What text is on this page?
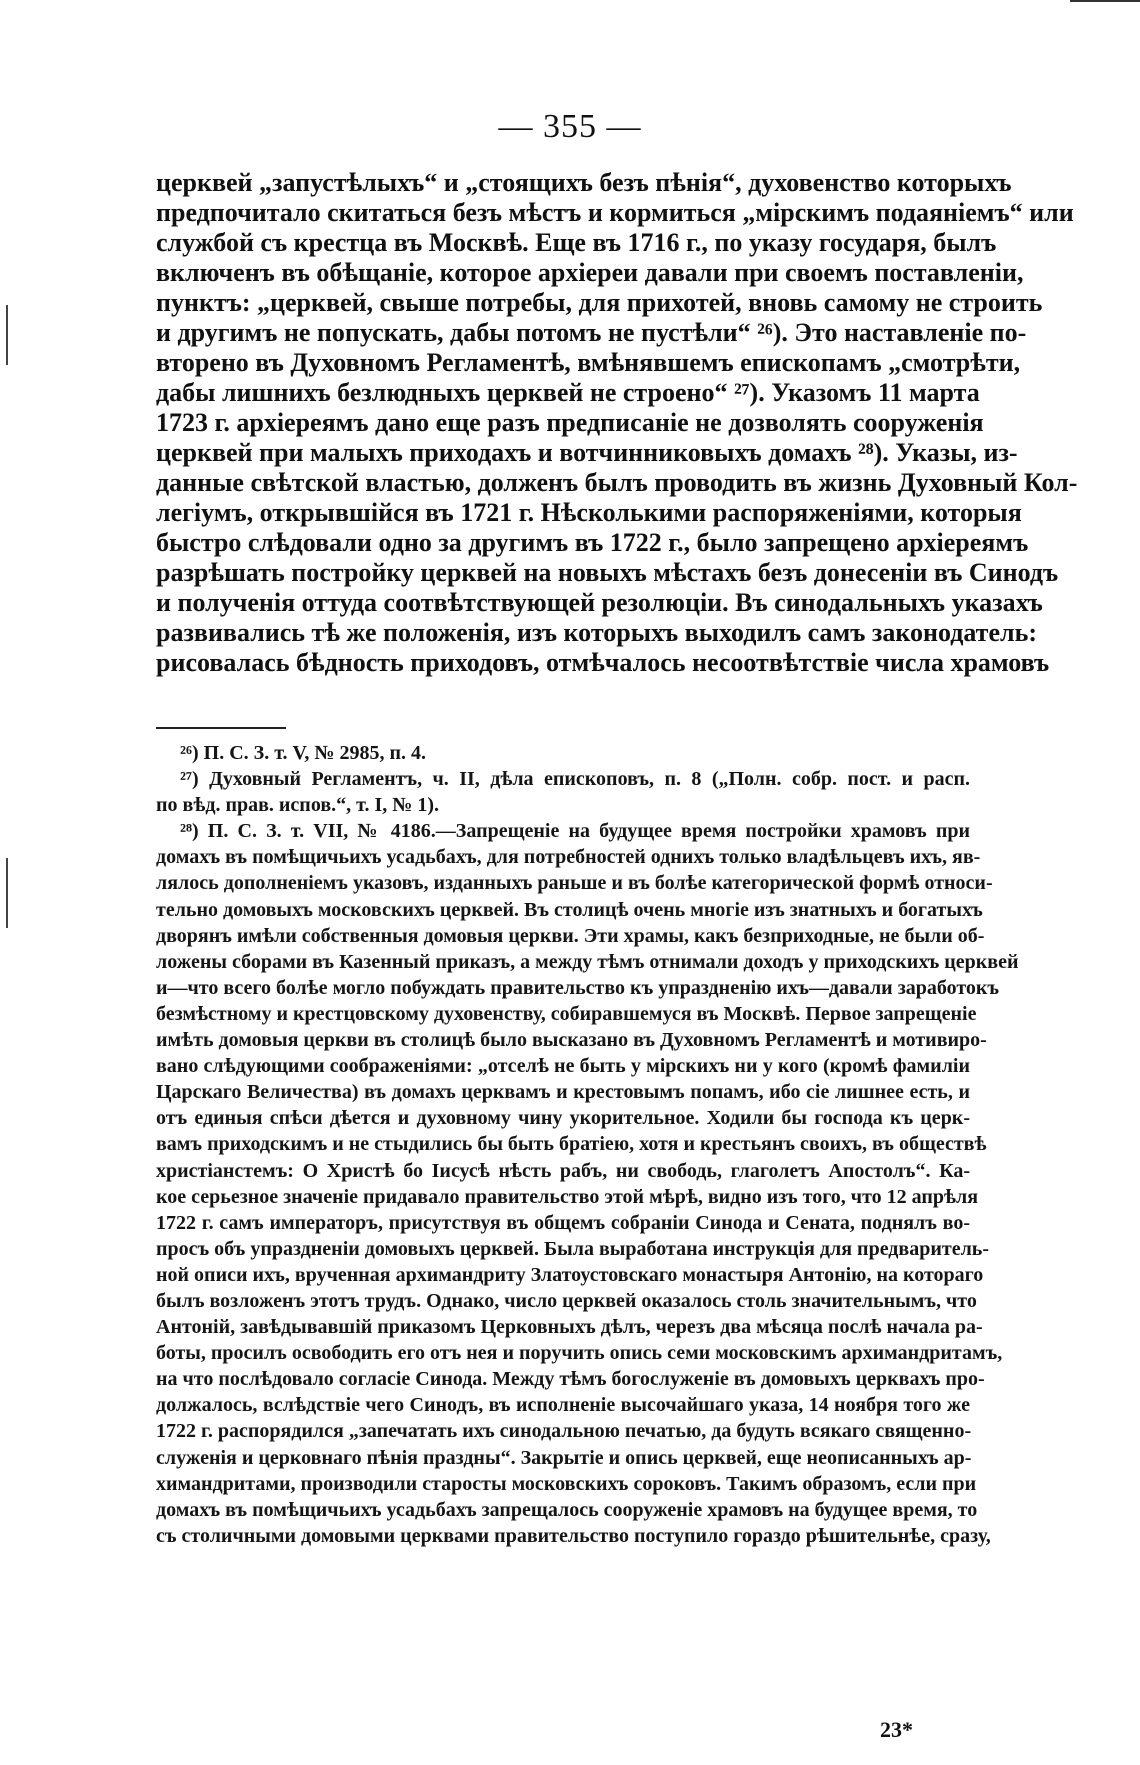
— 355 —
церквей „запустѣлыхъ“ и „стоящихъ безъ пѣнія“, духовенство которыхъ
предпочитало скитаться безъ мѣстъ и кормиться „мірскимъ подаяніемъ“ или
службой съ крестца въ Москвѣ. Еще въ 1716 г., по указу государя, былъ
включенъ въ обѣщаніе, которое архіереи давали при своемъ поставленіи,
пунктъ: „церквей, свыше потребы, для прихотей, вновь самому не строить
и другимъ не попускать, дабы потомъ не пустѣли“ ²⁶). Это наставленіе по-
вторено въ Духовномъ Регламентѣ, вмѣнявшемъ епископамъ „смотрѣти,
дабы лишнихъ безлюдныхъ церквей не строено“ ²⁷). Указомъ 11 марта
1723 г. архіереямъ дано еще разъ предписаніе не дозволять сооруженія
церквей при малыхъ приходахъ и вотчинниковыхъ домахъ ²⁸). Указы, из-
данные свѣтской властью, долженъ былъ проводить въ жизнь Духовный Кол-
легіумъ, открывшійся въ 1721 г. Нѣсколькими распоряженіями, которыя
быстро слѣдовали одно за другимъ въ 1722 г., было запрещено архіереямъ
разрѣшать постройку церквей на новыхъ мѣстахъ безъ донесеніи въ Синодъ
и полученія оттуда соотвѣтствующей резолюціи. Въ синодальныхъ указахъ
развивались тѣ же положенія, изъ которыхъ выходилъ самъ законодатель:
рисовалась бѣдность приходовъ, отмѣчалось несоотвѣтствіе числа храмовъ
²⁶) П. С. З. т. V, № 2985, п. 4.
²⁷) Духовный Регламентъ, ч. II, дѣла епископовъ, п. 8 („Полн. собр. пост. и расп.
по вѣд. прав. испов.“, т. I, № 1).
²⁸) П. С. З. т. VII, № 4186.—Запрещеніе на будущее время постройки храмовъ при
домахъ въ помѣщичьихъ усадьбахъ, для потребностей однихъ только владѣльцевъ ихъ, яв-
лялось дополненіемъ указовъ, изданныхъ раньше и въ болѣе категорической формѣ относи-
тельно домовыхъ московскихъ церквей. Въ столицѣ очень многіе изъ знатныхъ и богатыхъ
дворянъ имѣли собственныя домовыя церкви. Эти храмы, какъ безприходные, не были об-
ложены сборами въ Казенный приказъ, а между тѣмъ отнимали доходъ у приходскихъ церквей
и—что всего болѣе могло побуждать правительство къ упраздненію ихъ—давали заработокъ
безмѣстному и крестцовскому духовенству, собиравшемуся въ Москвѣ. Первое запрещеніе
имѣть домовыя церкви въ столицѣ было высказано въ Духовномъ Регламентѣ и мотивиро-
вано слѣдующими соображеніями: „отселѣ не быть у мірскихъ ни у кого (кромѣ фамиліи
Царскаго Величества) въ домахъ церквамъ и крестовымъ попамъ, ибо сіе лишнее есть, и
отъ единыя спѣси дѣется и духовному чину укорительное. Ходили бы господа къ церк-
вамъ приходскимъ и не стыдились бы быть братіею, хотя и крестьянъ своихъ, въ обществѣ
христіанстемъ: О Христѣ бо Іисусѣ нѣсть рабъ, ни свободь, глаголетъ Апостолъ“. Ка-
кое серьезное значеніе придавало правительство этой мѣрѣ, видно изъ того, что 12 апрѣля
1722 г. самъ императоръ, присутствуя въ общемъ собраніи Синода и Сената, поднялъ во-
просъ объ упраздненіи домовыхъ церквей. Была выработана инструкція для предваритель-
ной описи ихъ, врученная архимандриту Златоустовскаго монастыря Антонію, на котораго
былъ возложенъ этотъ трудъ. Однако, число церквей оказалось столь значительнымъ, что
Антоній, завѣдывавшій приказомъ Церковныхъ дѣлъ, черезъ два мѣсяца послѣ начала ра-
боты, просилъ освободить его отъ нея и поручить опись семи московскимъ архимандритамъ,
на что послѣдовало согласіе Синода. Между тѣмъ богослуженіе въ домовыхъ церквахъ про-
должалось, вслѣдствіе чего Синодъ, въ исполненіе высочайшаго указа, 14 ноября того же
1722 г. распорядился „запечатать ихъ синодальною печатью, да будуть всякаго священно-
служенія и церковнаго пѣнія праздны“. Закрытіе и опись церквей, еще неописанныхъ ар-
химандритами, производили старосты московскихъ сороковъ. Такимъ образомъ, если при
домахъ въ помѣщичьихъ усадьбахъ запрещалось сооруженіе храмовъ на будущее время, то
съ столичными домовыми церквами правительство поступило гораздо рѣшительнѣе, сразу,
23*
